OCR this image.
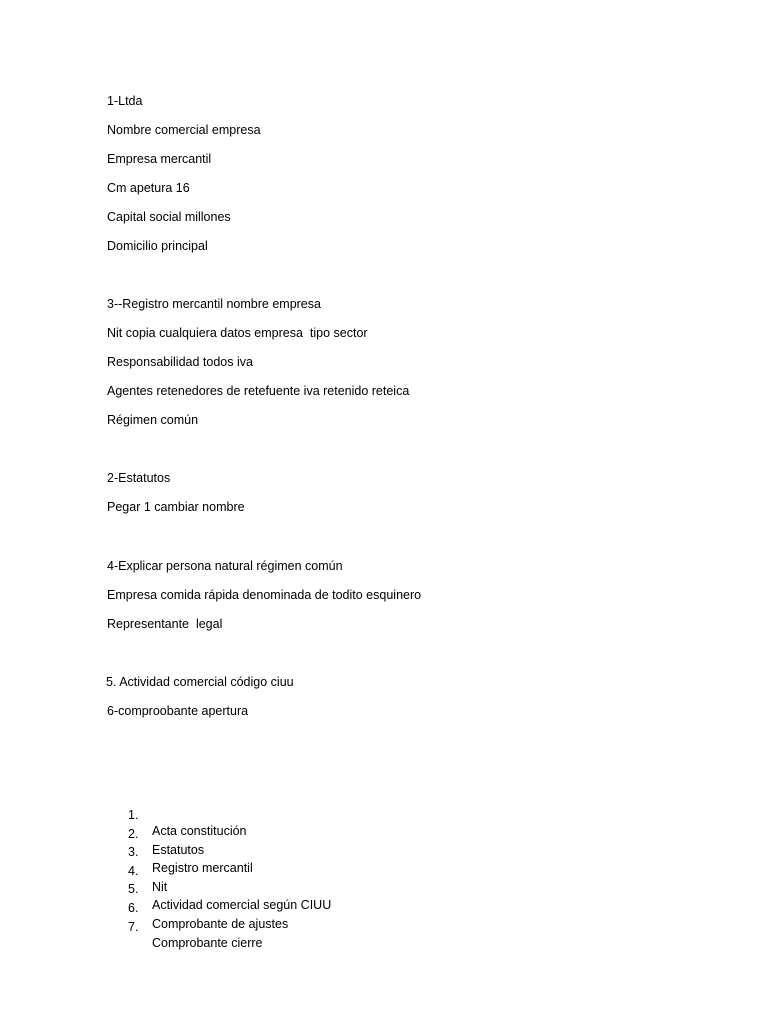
1-Ltda
Nombre comercial empresa
Empresa mercantil
Cm apetura 16
Capital social millones
Domicilio principal
3--Registro mercantil nombre empresa
Nit copia cualquiera datos empresa  tipo sector
Responsabilidad todos iva
Agentes retenedores de retefuente iva retenido reteica
Régimen común
2-Estatutos
Pegar 1 cambiar nombre
4-Explicar persona natural régimen común
Empresa comida rápida denominada de todito esquinero
Representante  legal
5. Actividad comercial código ciuu
6-comproobante apertura

1.

Acta constitución

2.

Estatutos

3.

Registro mercantil

4.

Nit

5.

Actividad comercial según CIUU

6.

Comprobante de ajustes

7.

Comprobante cierre
